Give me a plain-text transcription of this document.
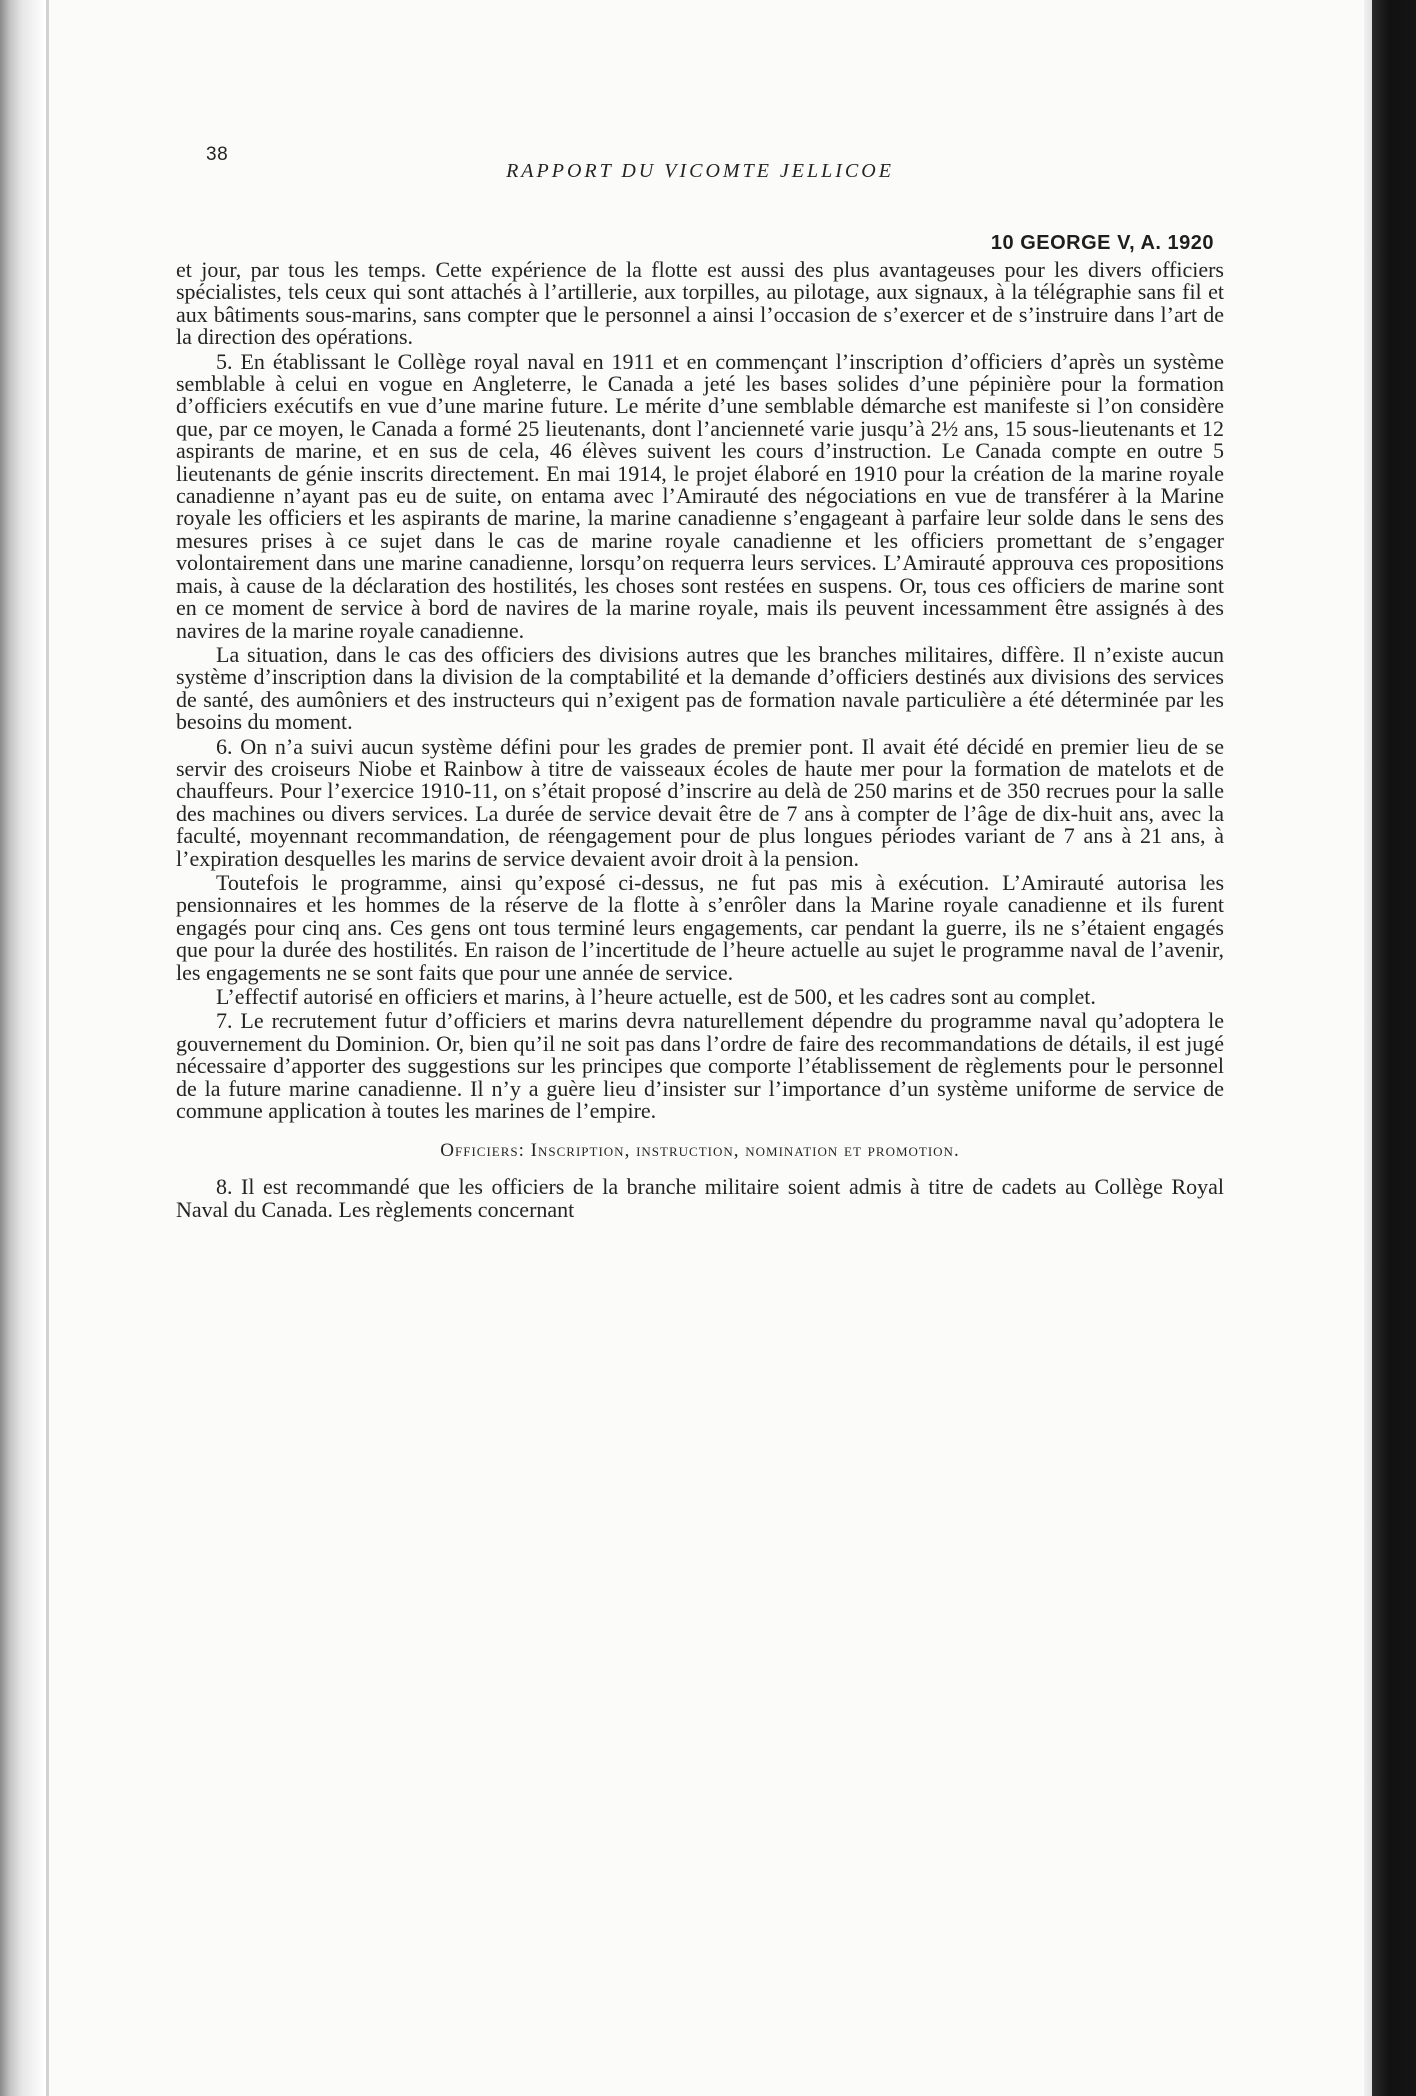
38
RAPPORT DU VICOMTE JELLICOE
10 GEORGE V, A. 1920

et jour, par tous les temps. Cette expérience de la flotte est aussi des plus avantageuses pour les divers officiers spécialistes, tels ceux qui sont attachés à l’artillerie, aux torpilles, au pilotage, aux signaux, à la télégraphie sans fil et aux bâtiments sous-marins, sans compter que le personnel a ainsi l’occasion de s’exercer et de s’instruire dans l’art de la direction des opérations.

5. En établissant le Collège royal naval en 1911 et en commençant l’inscription d’officiers d’après un système semblable à celui en vogue en Angleterre, le Canada a jeté les bases solides d’une pépinière pour la formation d’officiers exécutifs en vue d’une marine future. Le mérite d’une semblable démarche est manifeste si l’on considère que, par ce moyen, le Canada a formé 25 lieutenants, dont l’ancienneté varie jusqu’à 2½ ans, 15 sous-lieutenants et 12 aspirants de marine, et en sus de cela, 46 élèves suivent les cours d’instruction. Le Canada compte en outre 5 lieutenants de génie inscrits directement. En mai 1914, le projet élaboré en 1910 pour la création de la marine royale canadienne n’ayant pas eu de suite, on entama avec l’Amirauté des négociations en vue de transférer à la Marine royale les officiers et les aspirants de marine, la marine canadienne s’engageant à parfaire leur solde dans le sens des mesures prises à ce sujet dans le cas de marine royale canadienne et les officiers promettant de s’engager volontairement dans une marine canadienne, lorsqu’on requerra leurs services. L’Amirauté approuva ces propositions mais, à cause de la déclaration des hostilités, les choses sont restées en suspens. Or, tous ces officiers de marine sont en ce moment de service à bord de navires de la marine royale, mais ils peuvent incessamment être assignés à des navires de la marine royale canadienne.

La situation, dans le cas des officiers des divisions autres que les branches militaires, diffère. Il n’existe aucun système d’inscription dans la division de la comptabilité et la demande d’officiers destinés aux divisions des services de santé, des aumôniers et des instructeurs qui n’exigent pas de formation navale particulière a été déterminée par les besoins du moment.

6. On n’a suivi aucun système défini pour les grades de premier pont. Il avait été décidé en premier lieu de se servir des croiseurs Niobe et Rainbow à titre de vaisseaux écoles de haute mer pour la formation de matelots et de chauffeurs. Pour l’exercice 1910-11, on s’était proposé d’inscrire au delà de 250 marins et de 350 recrues pour la salle des machines ou divers services. La durée de service devait être de 7 ans à compter de l’âge de dix-huit ans, avec la faculté, moyennant recommandation, de réengagement pour de plus longues périodes variant de 7 ans à 21 ans, à l’expiration desquelles les marins de service devaient avoir droit à la pension.

Toutefois le programme, ainsi qu’exposé ci-dessus, ne fut pas mis à exécution. L’Amirauté autorisa les pensionnaires et les hommes de la réserve de la flotte à s’enrôler dans la Marine royale canadienne et ils furent engagés pour cinq ans. Ces gens ont tous terminé leurs engagements, car pendant la guerre, ils ne s’étaient engagés que pour la durée des hostilités. En raison de l’incertitude de l’heure actuelle au sujet le programme naval de l’avenir, les engagements ne se sont faits que pour une année de service.

L’effectif autorisé en officiers et marins, à l’heure actuelle, est de 500, et les cadres sont au complet.

7. Le recrutement futur d’officiers et marins devra naturellement dépendre du programme naval qu’adoptera le gouvernement du Dominion. Or, bien qu’il ne soit pas dans l’ordre de faire des recommandations de détails, il est jugé nécessaire d’apporter des suggestions sur les principes que comporte l’établissement de règlements pour le personnel de la future marine canadienne. Il n’y a guère lieu d’insister sur l’importance d’un système uniforme de service de commune application à toutes les marines de l’empire.

Officiers: Inscription, instruction, nomination et promotion.

8. Il est recommandé que les officiers de la branche militaire soient admis à titre de cadets au Collège Royal Naval du Canada. Les règlements concernant
